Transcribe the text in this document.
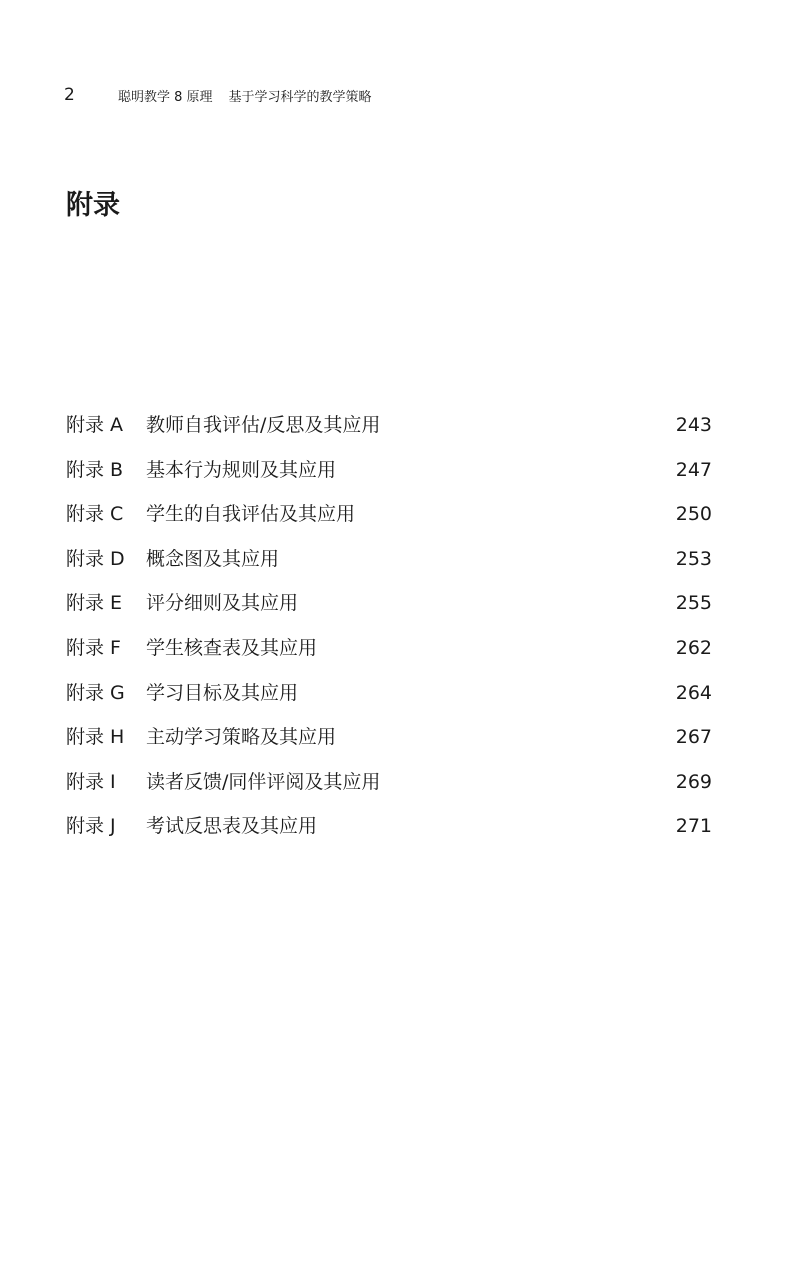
2	聪明教学 8 原理 基于学习科学的教学策略
附录
附录 A 教师自我评估/反思及其应用	243
附录 B 基本行为规则及其应用	247
附录 C 学生的自我评估及其应用	250
附录 D 概念图及其应用	253
附录 E 评分细则及其应用	255
附录 F 学生核查表及其应用	262
附录 G 学习目标及其应用	264
附录 H 主动学习策略及其应用	267
附录 I 读者反馈/同伴评阅及其应用	269
附录 J 考试反思表及其应用	271
